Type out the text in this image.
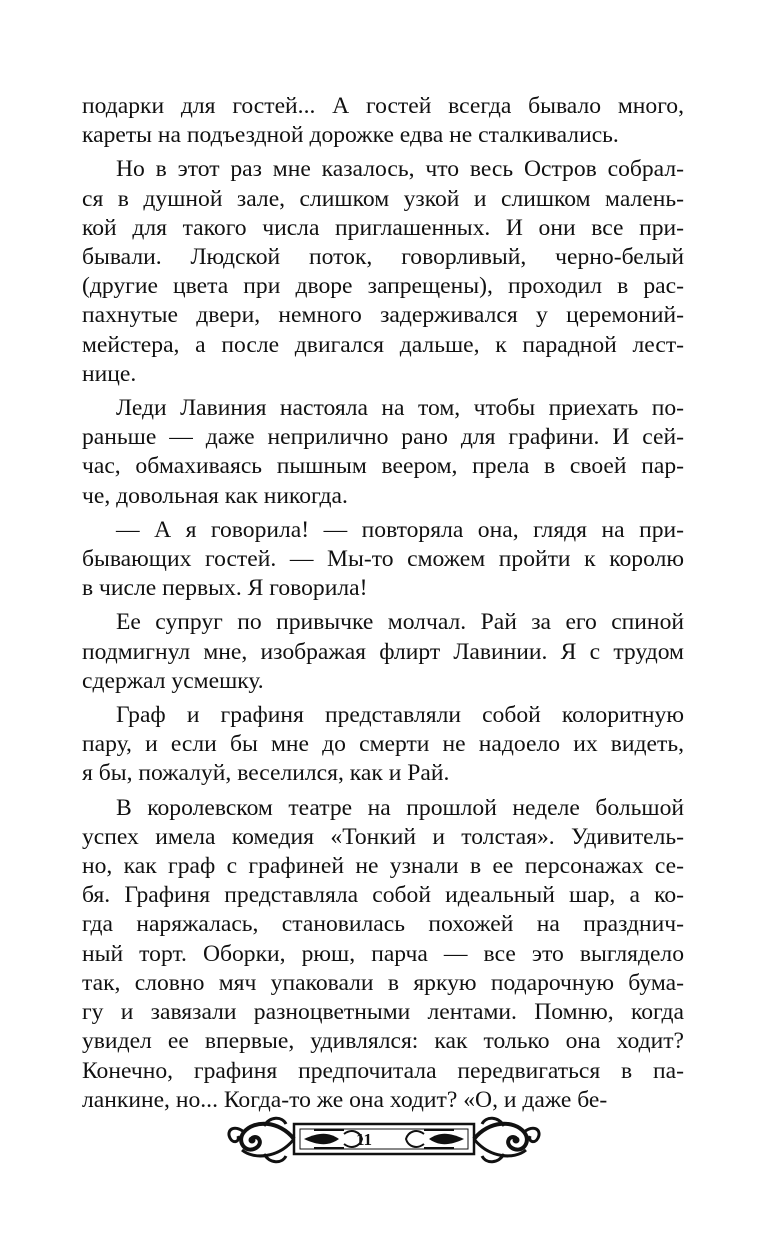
подарки для гостей... А гостей всегда бывало много,
кареты на подъездной дорожке едва не сталкивались.
Но в этот раз мне казалось, что весь Остров собрал-
ся в душной зале, слишком узкой и слишком малень-
кой для такого числа приглашенных. И они все при-
бывали. Людской поток, говорливый, черно-белый
(другие цвета при дворе запрещены), проходил в рас-
пахнутые двери, немного задерживался у церемоний-
мейстера, а после двигался дальше, к парадной лест-
нице.
Леди Лавиния настояла на том, чтобы приехать по-
раньше — даже неприлично рано для графини. И сей-
час, обмахиваясь пышным веером, прела в своей пар-
че, довольная как никогда.
— А я говорила! — повторяла она, глядя на при-
бывающих гостей. — Мы-то сможем пройти к королю
в числе первых. Я говорила!
Ее супруг по привычке молчал. Рай за его спиной
подмигнул мне, изображая флирт Лавинии. Я с трудом
сдержал усмешку.
Граф и графиня представляли собой колоритную
пару, и если бы мне до смерти не надоело их видеть,
я бы, пожалуй, веселился, как и Рай.
В королевском театре на прошлой неделе большой
успех имела комедия «Тонкий и толстая». Удивитель-
но, как граф с графиней не узнали в ее персонажах се-
бя. Графиня представляла собой идеальный шар, а ко-
гда наряжалась, становилась похожей на празднич-
ный торт. Оборки, рюш, парча — все это выглядело
так, словно мяч упаковали в яркую подарочную бума-
гу и завязали разноцветными лентами. Помню, когда
увидел ее впервые, удивлялся: как только она ходит?
Конечно, графиня предпочитала передвигаться в па-
ланкине, но... Когда-то же она ходит? «О, и даже бе-
11
